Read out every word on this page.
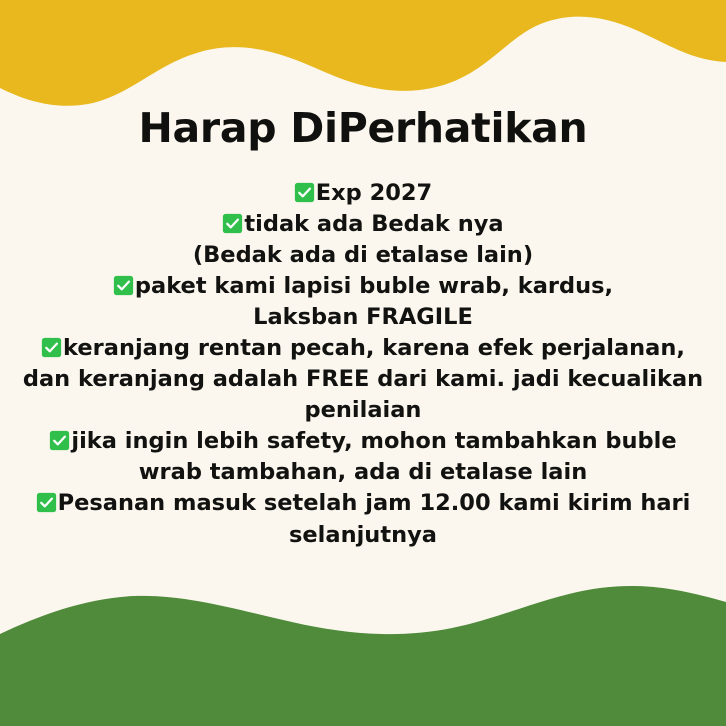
Harap DiPerhatikan
Exp 2027
tidak ada Bedak nya
(Bedak ada di etalase lain)
paket kami lapisi buble wrab, kardus,
Laksban FRAGILE
keranjang rentan pecah, karena efek perjalanan,
dan keranjang adalah FREE dari kami. jadi kecualikan
penilaian
jika ingin lebih safety, mohon tambahkan buble
wrab tambahan, ada di etalase lain
Pesanan masuk setelah jam 12.00 kami kirim hari
selanjutnya
